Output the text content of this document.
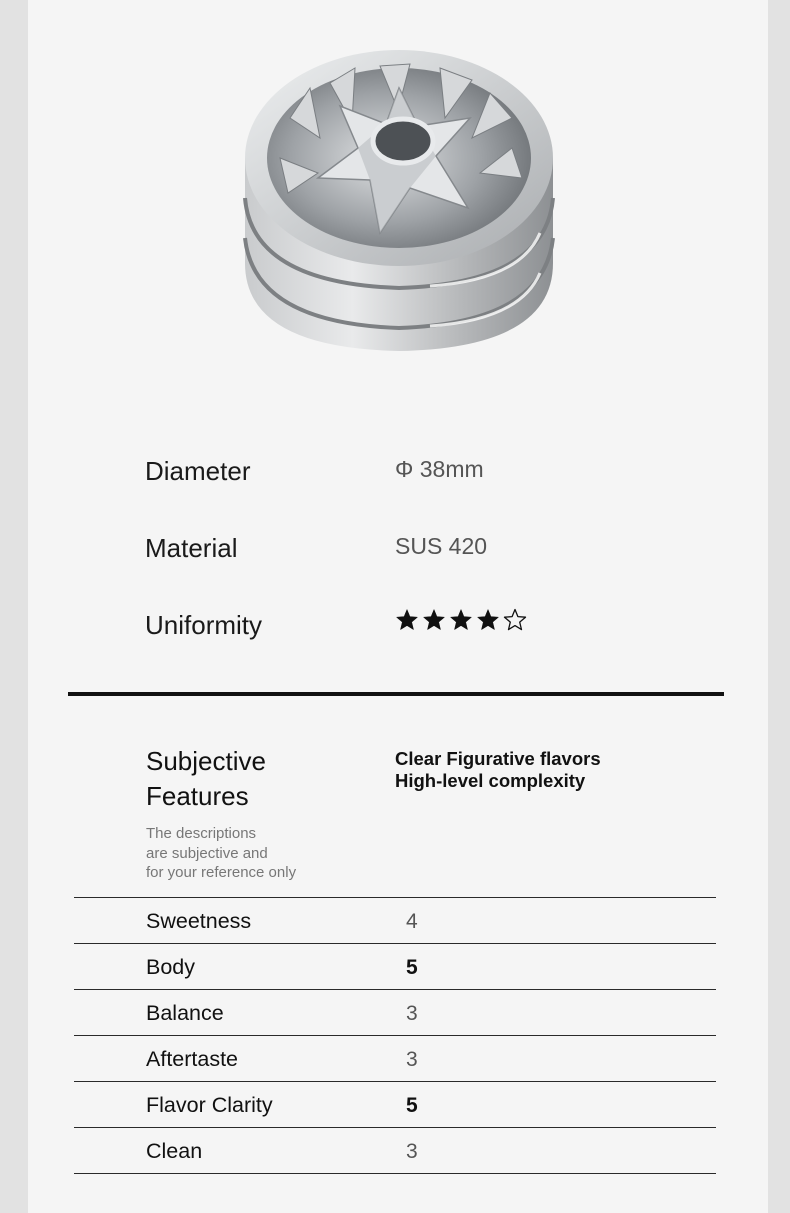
Diameter	Φ 38mm
Material	SUS 420
Uniformity
Subjective Features
The descriptions
are subjective and
for your reference only
Clear Figurative flavors
High-level complexity
Sweetness	4
Body	5
Balance	3
Aftertaste	3
Flavor Clarity	5
Clean	3
